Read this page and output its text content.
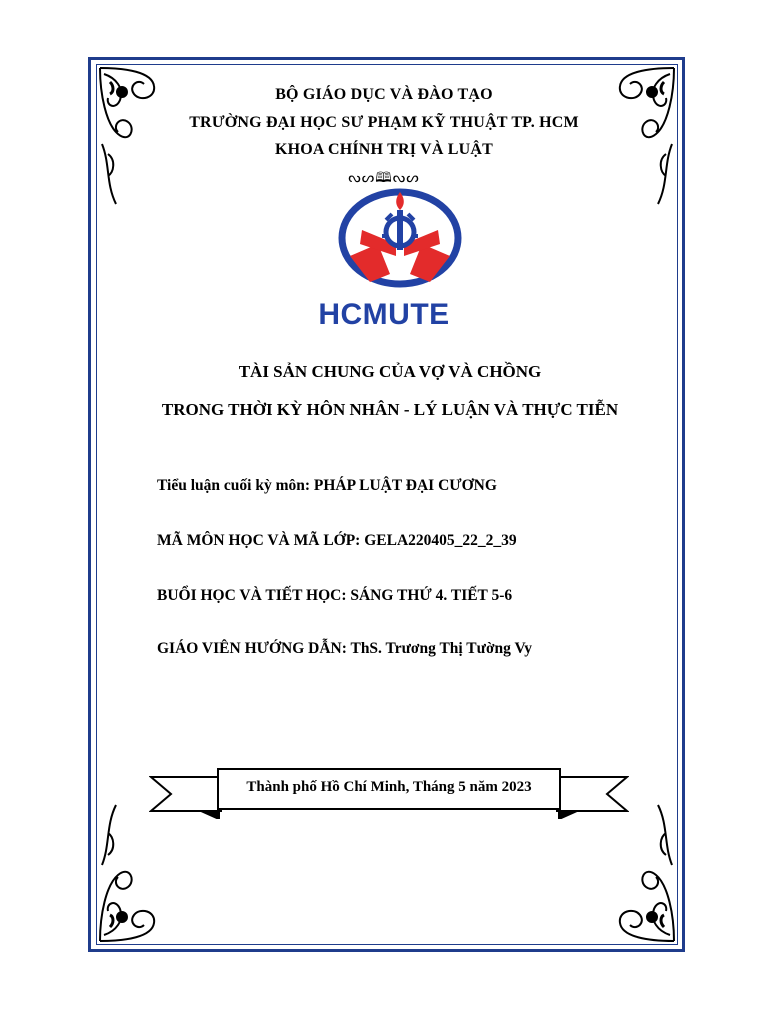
BỘ GIÁO DỤC VÀ ĐÀO TẠO
TRƯỜNG ĐẠI HỌC SƯ PHẠM KỸ THUẬT TP. HCM
KHOA CHÍNH TRỊ VÀ LUẬT
ᔓᔕ🕮ᔓᔕ
HCMUTE
TÀI SẢN CHUNG CỦA VỢ VÀ CHỒNG
TRONG THỜI KỲ HÔN NHÂN - LÝ LUẬN VÀ THỰC TIỄN
Tiểu luận cuối kỳ môn: PHÁP LUẬT ĐẠI CƯƠNG
MÃ MÔN HỌC VÀ MÃ LỚP: GELA220405_22_2_39
BUỔI HỌC VÀ TIẾT HỌC: SÁNG THỨ 4. TIẾT 5-6
GIÁO VIÊN HƯỚNG DẪN: ThS. Trương Thị Tường Vy
Thành phố Hồ Chí Minh, Tháng 5 năm 2023
